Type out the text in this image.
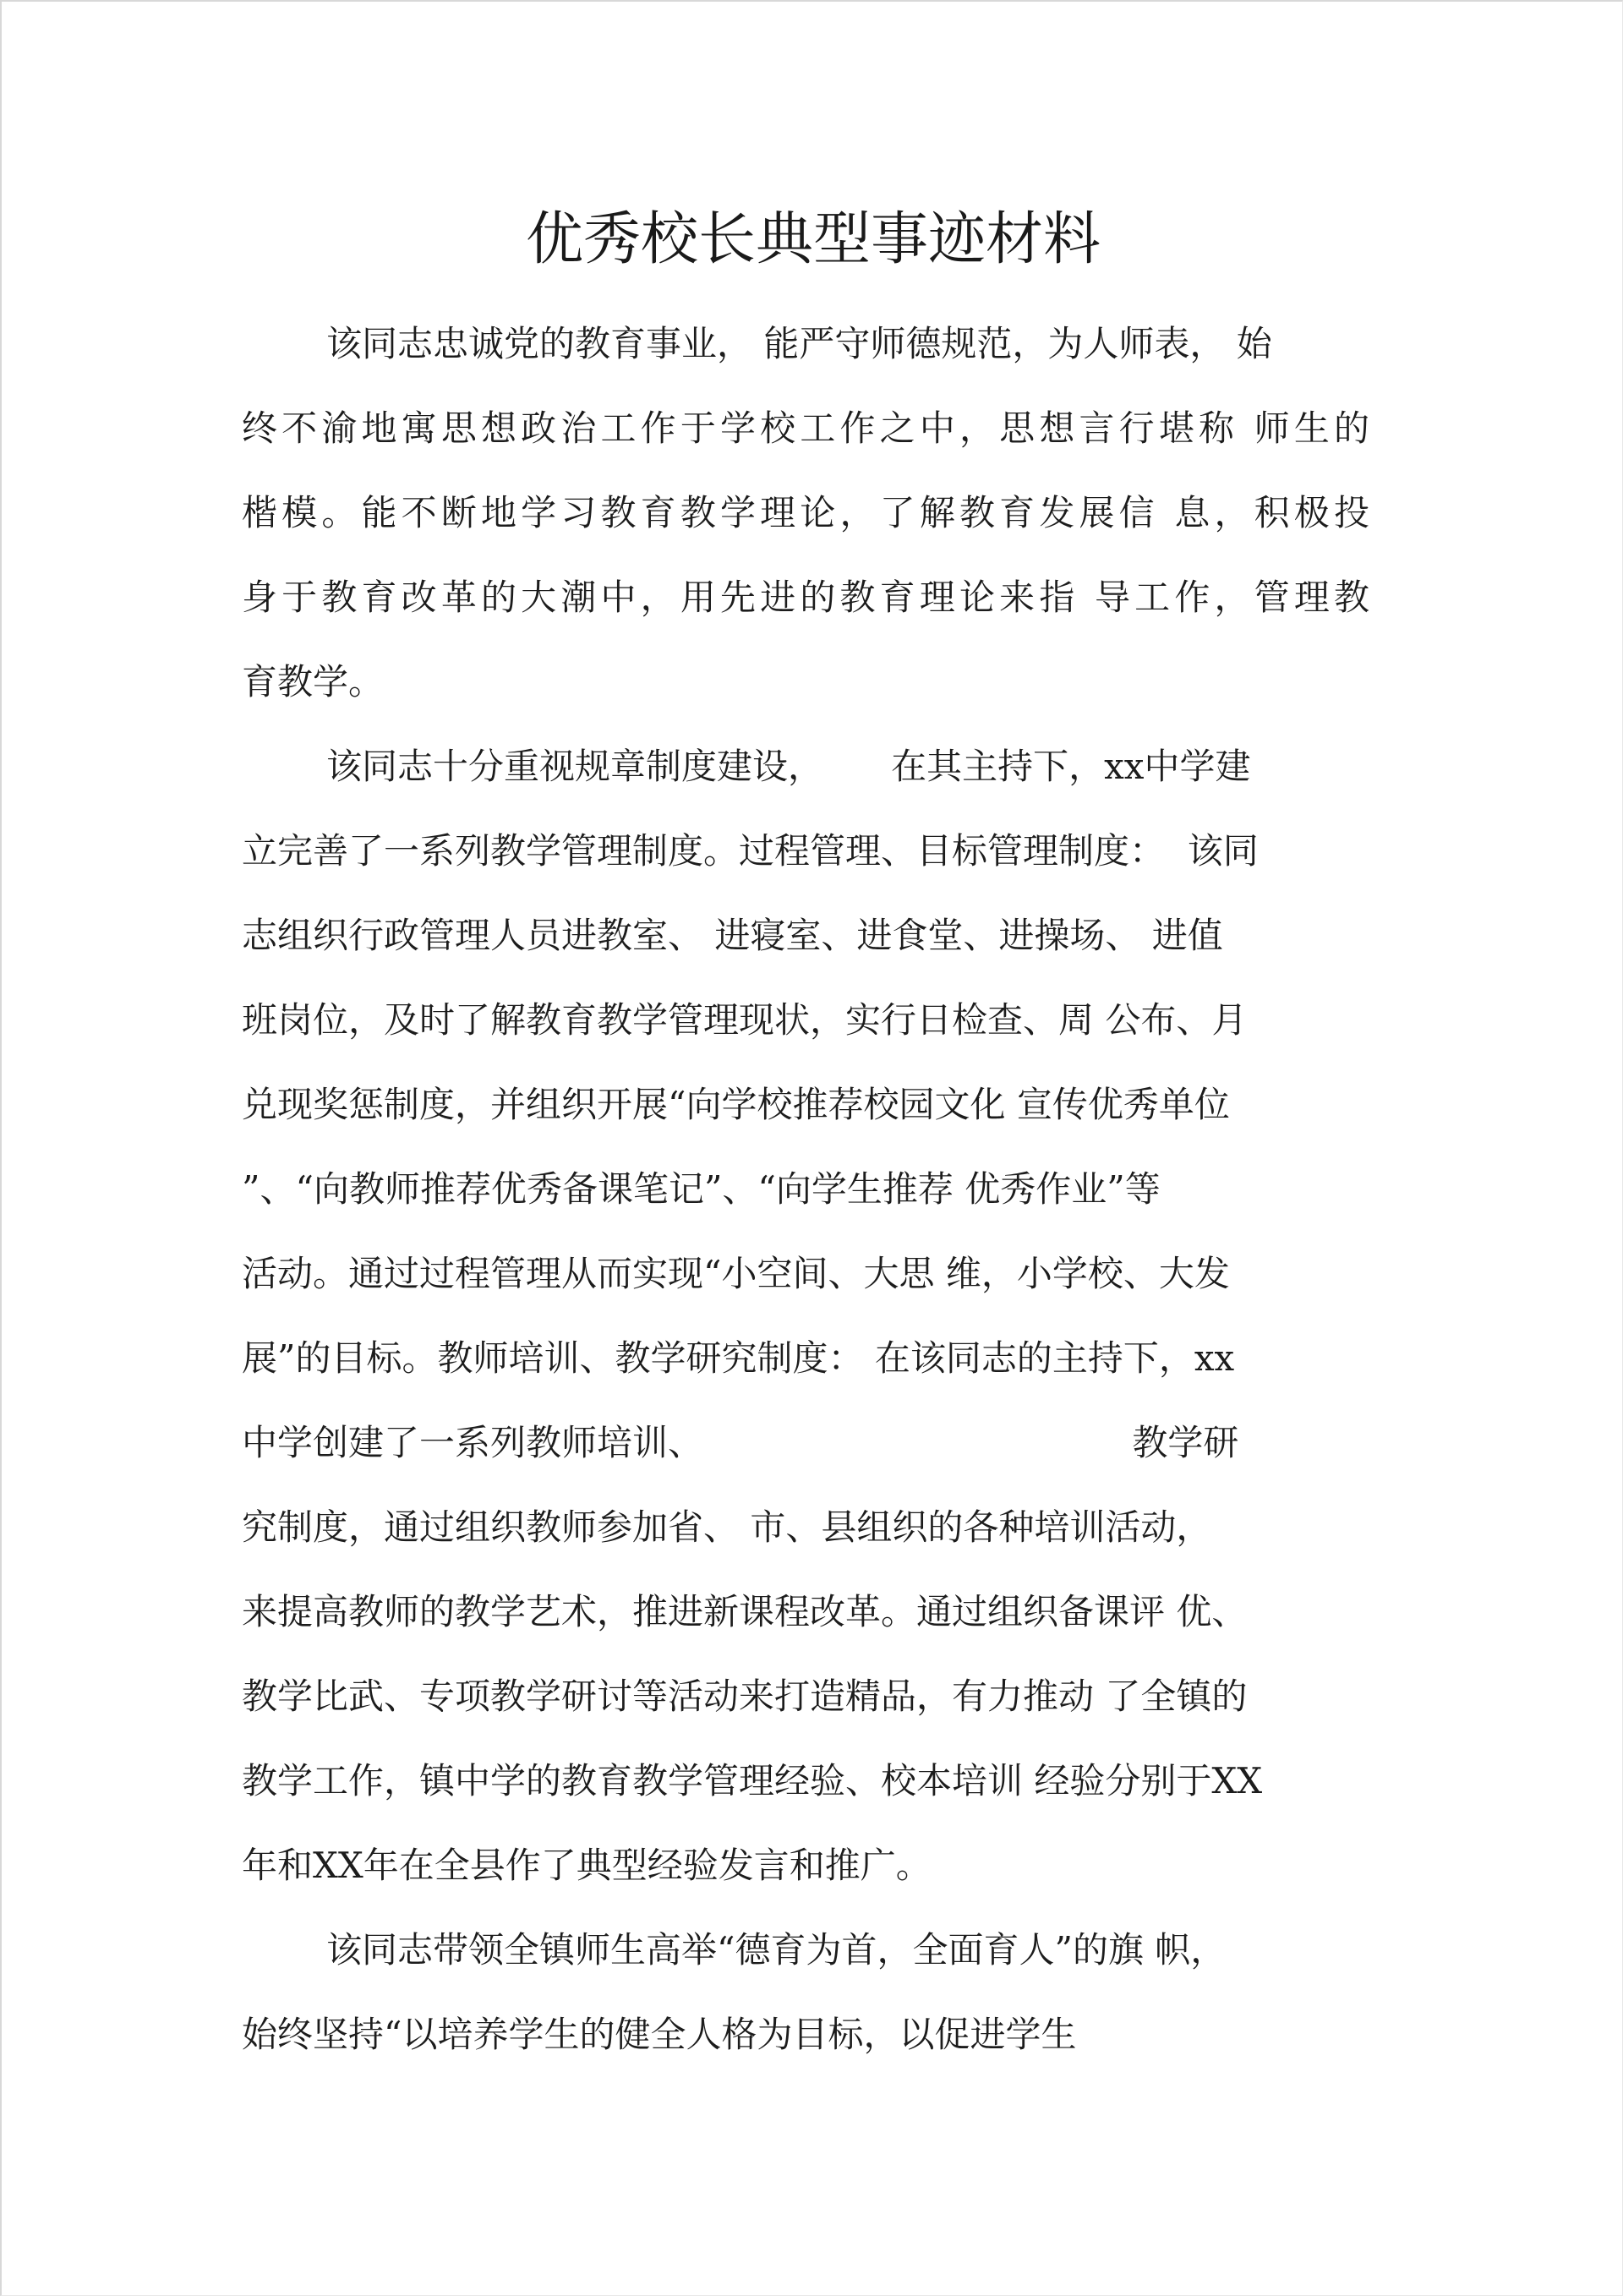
优秀校长典型事迹材料

该同志忠诚党的教育事业， 能严守师德规范，为人师表， 始

终不渝地寓思想政治工作于学校工作之中，思想言行堪称 师生的

楷模。能不断地学习教育教学理论，了解教育发展信 息，积极投

身于教育改革的大潮中，用先进的教育理论来指 导工作，管理教

育教学。

该同志十分重视规章制度建设，      在其主持下，xx中学建

立完善了一系列教学管理制度。过程管理、目标管理制度：  该同

志组织行政管理人员进教室、 进寝室、进食堂、进操场、 进值

班岗位，及时了解教育教学管理现状，实行日检查、周 公布、月

兑现奖惩制度，并组织开展“向学校推荐校园文化 宣传优秀单位

”、“向教师推荐优秀备课笔记”、“向学生推荐 优秀作业”等

活动。通过过程管理从而实现“小空间、大思 维，小学校、大发

展”的目标。教师培训、教学研究制度： 在该同志的主持下，xx

中学创建了一系列教师培训、                                      教学研

究制度，通过组织教师参加省、 市、县组织的各种培训活动，

来提高教师的教学艺术，推进新课程改革。通过组织备课评 优、

教学比武、专项教学研讨等活动来打造精品，有力推动 了全镇的

教学工作，镇中学的教育教学管理经验、校本培训 经验分别于XX

年和XX年在全县作了典型经验发言和推广。

该同志带领全镇师生高举“德育为首，全面育人”的旗 帜，

始终坚持“以培养学生的健全人格为目标，以促进学生
